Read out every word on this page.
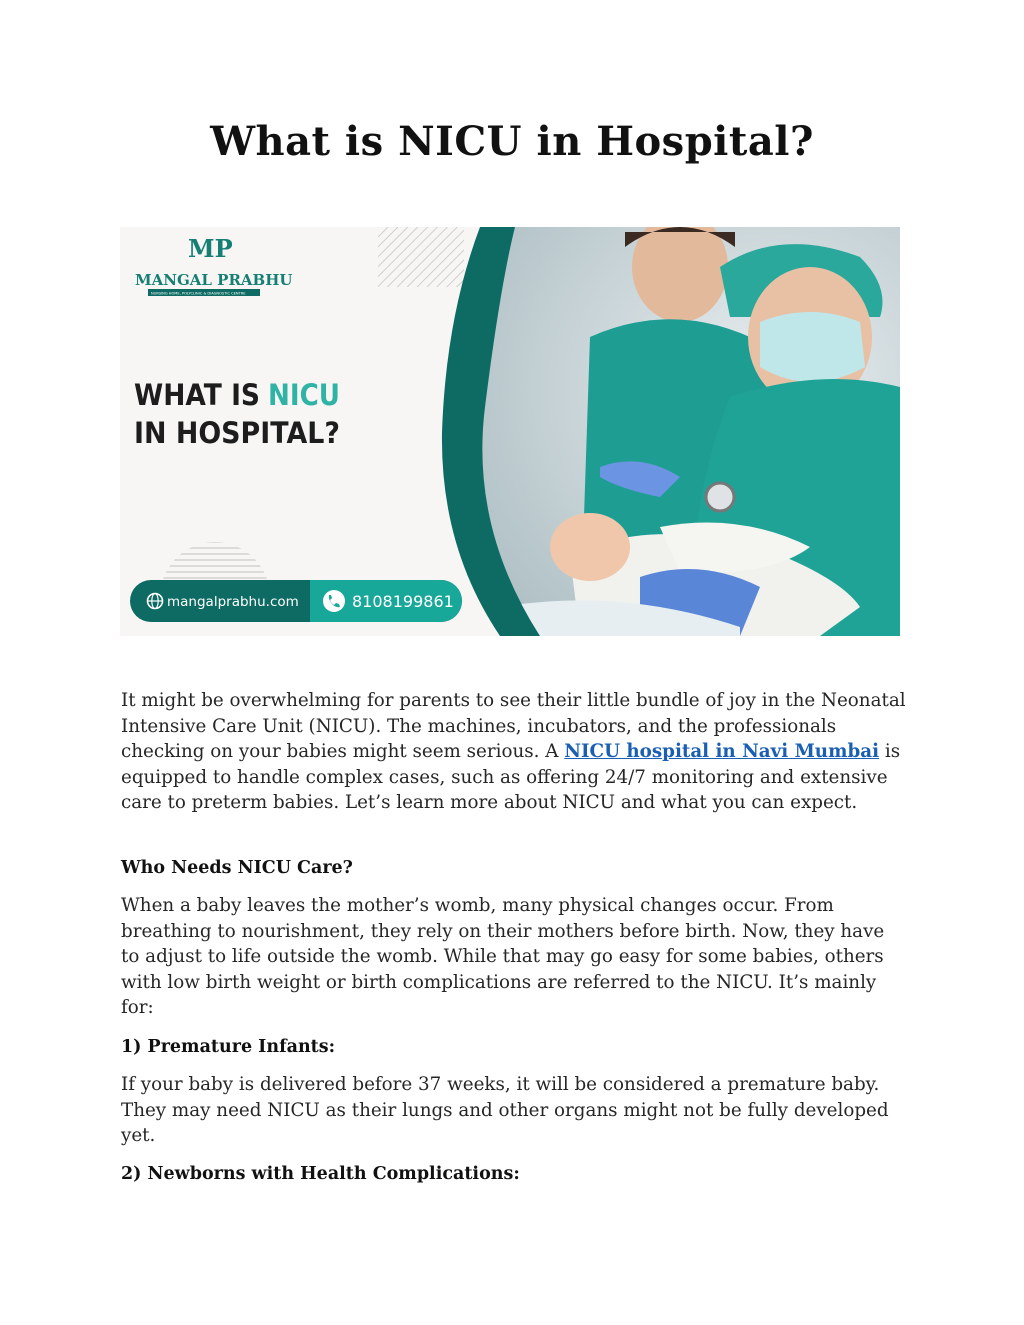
What is NICU in Hospital?
MP
MANGAL PRABHU
NURSING HOME, POLYCLINIC & DIAGNOSTIC CENTRE
WHAT IS NICU
IN HOSPITAL?
mangalprabhu.com	8108199861

It might be overwhelming for parents to see their little bundle of joy in the Neonatal Intensive Care Unit (NICU). The machines, incubators, and the professionals checking on your babies might seem serious. A NICU hospital in Navi Mumbai is equipped to handle complex cases, such as offering 24/7 monitoring and extensive care to preterm babies. Let’s learn more about NICU and what you can expect.

Who Needs NICU Care?

When a baby leaves the mother’s womb, many physical changes occur. From breathing to nourishment, they rely on their mothers before birth. Now, they have to adjust to life outside the womb. While that may go easy for some babies, others with low birth weight or birth complications are referred to the NICU. It’s mainly for:

1) Premature Infants:

If your baby is delivered before 37 weeks, it will be considered a premature baby. They may need NICU as their lungs and other organs might not be fully developed yet.

2) Newborns with Health Complications:
